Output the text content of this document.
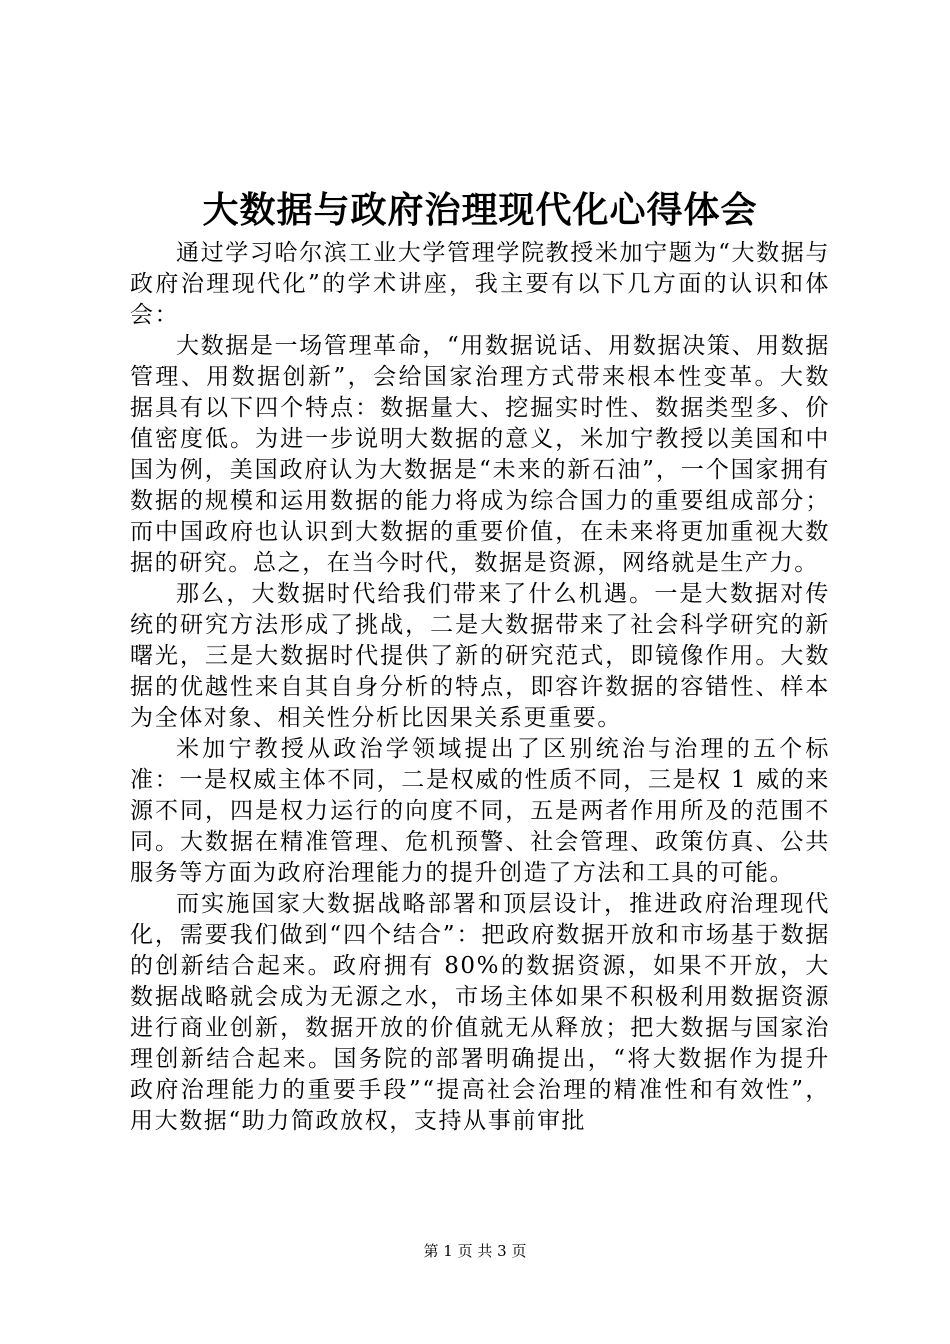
大数据与政府治理现代化心得体会

通过学习哈尔滨工业大学管理学院教授米加宁题为“大数据与政府治理现代化”的学术讲座，我主要有以下几方面的认识和体会：

大数据是一场管理革命，“用数据说话、用数据决策、用数据管理、用数据创新”，会给国家治理方式带来根本性变革。大数据具有以下四个特点：数据量大、挖掘实时性、数据类型多、价值密度低。为进一步说明大数据的意义，米加宁教授以美国和中国为例，美国政府认为大数据是“未来的新石油”，一个国家拥有数据的规模和运用数据的能力将成为综合国力的重要组成部分；而中国政府也认识到大数据的重要价值，在未来将更加重视大数据的研究。总之，在当今时代，数据是资源，网络就是生产力。

那么，大数据时代给我们带来了什么机遇。一是大数据对传统的研究方法形成了挑战，二是大数据带来了社会科学研究的新曙光，三是大数据时代提供了新的研究范式，即镜像作用。大数据的优越性来自其自身分析的特点，即容许数据的容错性、样本为全体对象、相关性分析比因果关系更重要。

米加宁教授从政治学领域提出了区别统治与治理的五个标准：一是权威主体不同，二是权威的性质不同，三是权 1 威的来源不同，四是权力运行的向度不同，五是两者作用所及的范围不同。大数据在精准管理、危机预警、社会管理、政策仿真、公共服务等方面为政府治理能力的提升创造了方法和工具的可能。

而实施国家大数据战略部署和顶层设计，推进政府治理现代化，需要我们做到“四个结合”：把政府数据开放和市场基于数据的创新结合起来。政府拥有 80%的数据资源，如果不开放，大数据战略就会成为无源之水，市场主体如果不积极利用数据资源进行商业创新，数据开放的价值就无从释放；把大数据与国家治理创新结合起来。国务院的部署明确提出，“将大数据作为提升政府治理能力的重要手段”“提高社会治理的精准性和有效性”，用大数据“助力简政放权，支持从事前审批

第 1 页 共 3 页
